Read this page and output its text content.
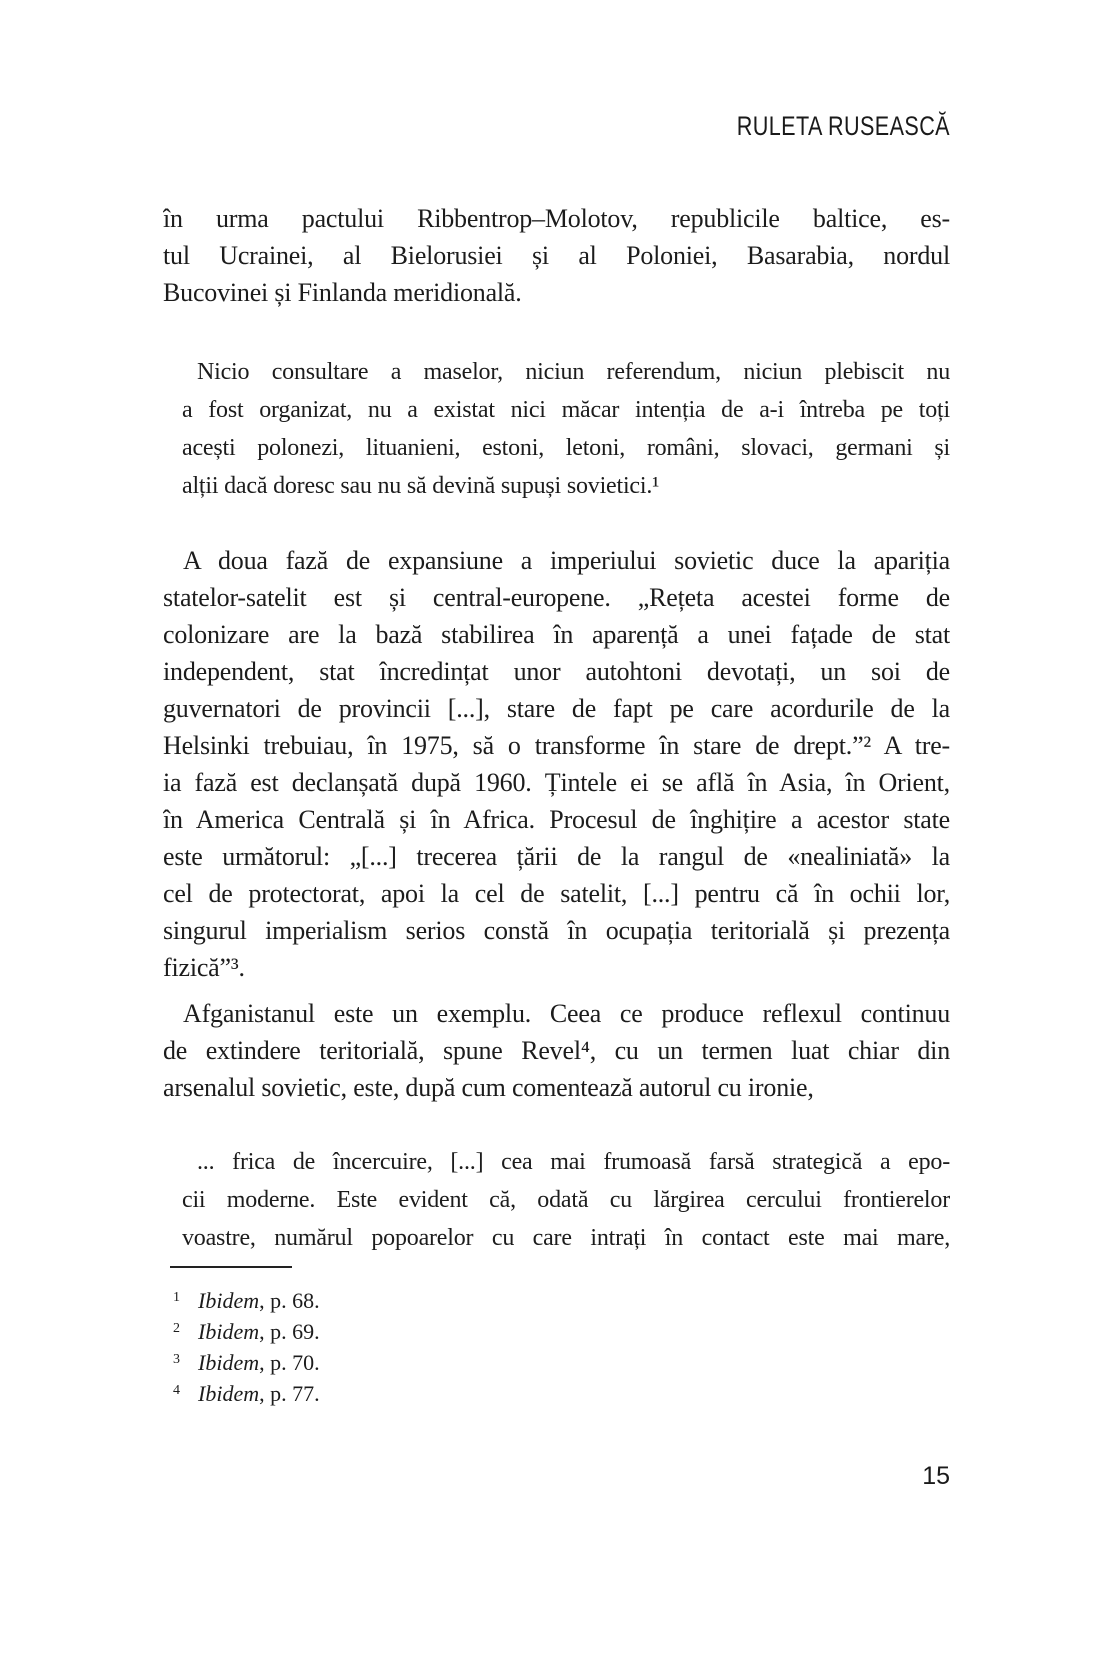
RULETA RUSEASCĂ
în urma pactului Ribbentrop–Molotov, republicile baltice, es-
tul Ucrainei, al Bielorusiei și al Poloniei, Basarabia, nordul
Bucovinei și Finlanda meridională.
Nicio consultare a maselor, niciun referendum, niciun plebiscit nu
a fost organizat, nu a existat nici măcar intenția de a-i întreba pe toți
acești polonezi, lituanieni, estoni, letoni, români, slovaci, germani și
alții dacă doresc sau nu să devină supuși sovietici.¹
A doua fază de expansiune a imperiului sovietic duce la apariția
statelor-satelit est și central-europene. „Rețeta acestei forme de
colonizare are la bază stabilirea în aparență a unei fațade de stat
independent, stat încredințat unor autohtoni devotați, un soi de
guvernatori de provincii [...], stare de fapt pe care acordurile de la
Helsinki trebuiau, în 1975, să o transforme în stare de drept.”² A tre-
ia fază est declanșată după 1960. Țintele ei se află în Asia, în Orient,
în America Centrală și în Africa. Procesul de înghițire a acestor state
este următorul: „[...] trecerea țării de la rangul de «nealiniată» la
cel de protectorat, apoi la cel de satelit, [...] pentru că în ochii lor,
singurul imperialism serios constă în ocupația teritorială și prezența
fizică”³.
Afganistanul este un exemplu. Ceea ce produce reflexul continuu
de extindere teritorială, spune Revel⁴, cu un termen luat chiar din
arsenalul sovietic, este, după cum comentează autorul cu ironie,
... frica de încercuire, [...] cea mai frumoasă farsă strategică a epo-
cii moderne. Este evident că, odată cu lărgirea cercului frontierelor
voastre, numărul popoarelor cu care intrați în contact este mai mare,
1 Ibidem, p. 68.
2 Ibidem, p. 69.
3 Ibidem, p. 70.
4 Ibidem, p. 77.
15
